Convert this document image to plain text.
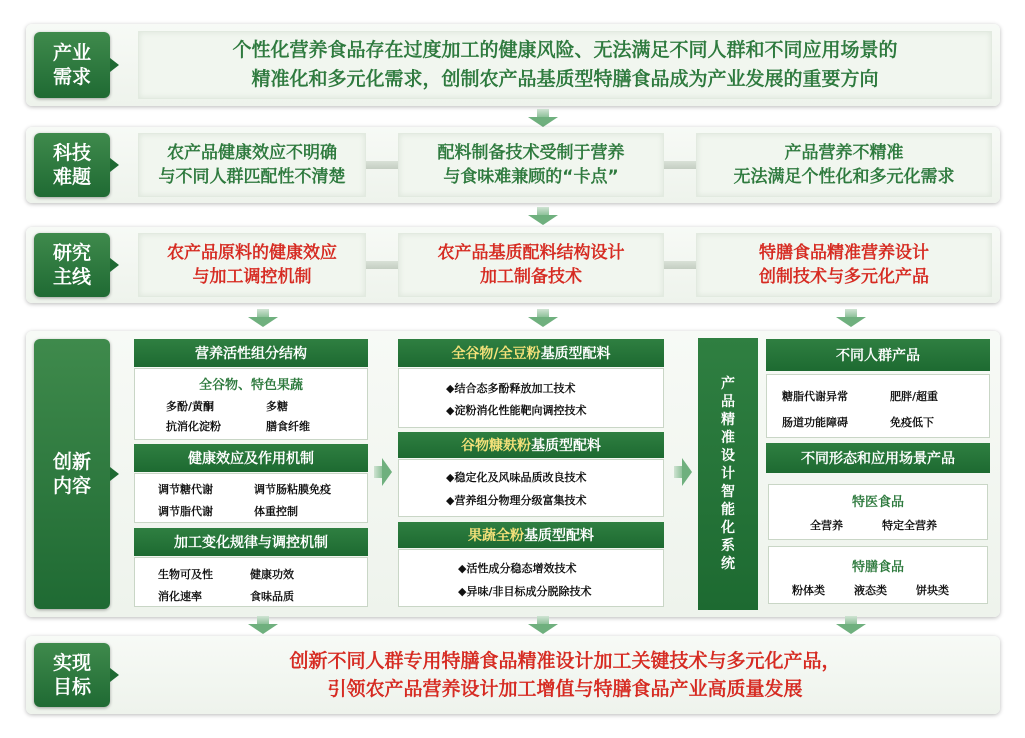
产业
需求
个性化营养食品存在过度加工的健康风险、无法满足不同人群和不同应用场景的
精准化和多元化需求，创制农产品基质型特膳食品成为产业发展的重要方向
科技
难题
农产品健康效应不明确
与不同人群匹配性不清楚
配料制备技术受制于营养
与食味难兼顾的“卡点”
产品营养不精准
无法满足个性化和多元化需求
研究
主线
农产品原料的健康效应
与加工调控机制
农产品基质配料结构设计
加工制备技术
特膳食品精准营养设计
创制技术与多元化产品
创新
内容
营养活性组分结构
全谷物、特色果蔬
多酚/黄酮	多糖
抗消化淀粉	膳食纤维
健康效应及作用机制
调节糖代谢	调节肠粘膜免疫
调节脂代谢	体重控制
加工变化规律与调控机制
生物可及性	健康功效
消化速率	食味品质
全谷物/全豆粉 基质型配料
◆结合态多酚释放加工技术
◆淀粉消化性能靶向调控技术
谷物糠麸粉 基质型配料
◆稳定化及风味品质改良技术
◆营养组分物理分级富集技术
果蔬全粉 基质型配料
◆活性成分稳态增效技术
◆异味/非目标成分脱除技术
产品精准设计智能化系统
不同人群产品
糖脂代谢异常	肥胖/超重
肠道功能障碍	免疫低下
不同形态和应用场景产品
特医食品
全营养	特定全营养
特膳食品
粉体类	液态类	饼块类
实现
目标
创新不同人群专用特膳食品精准设计加工关键技术与多元化产品，
引领农产品营养设计加工增值与特膳食品产业高质量发展
